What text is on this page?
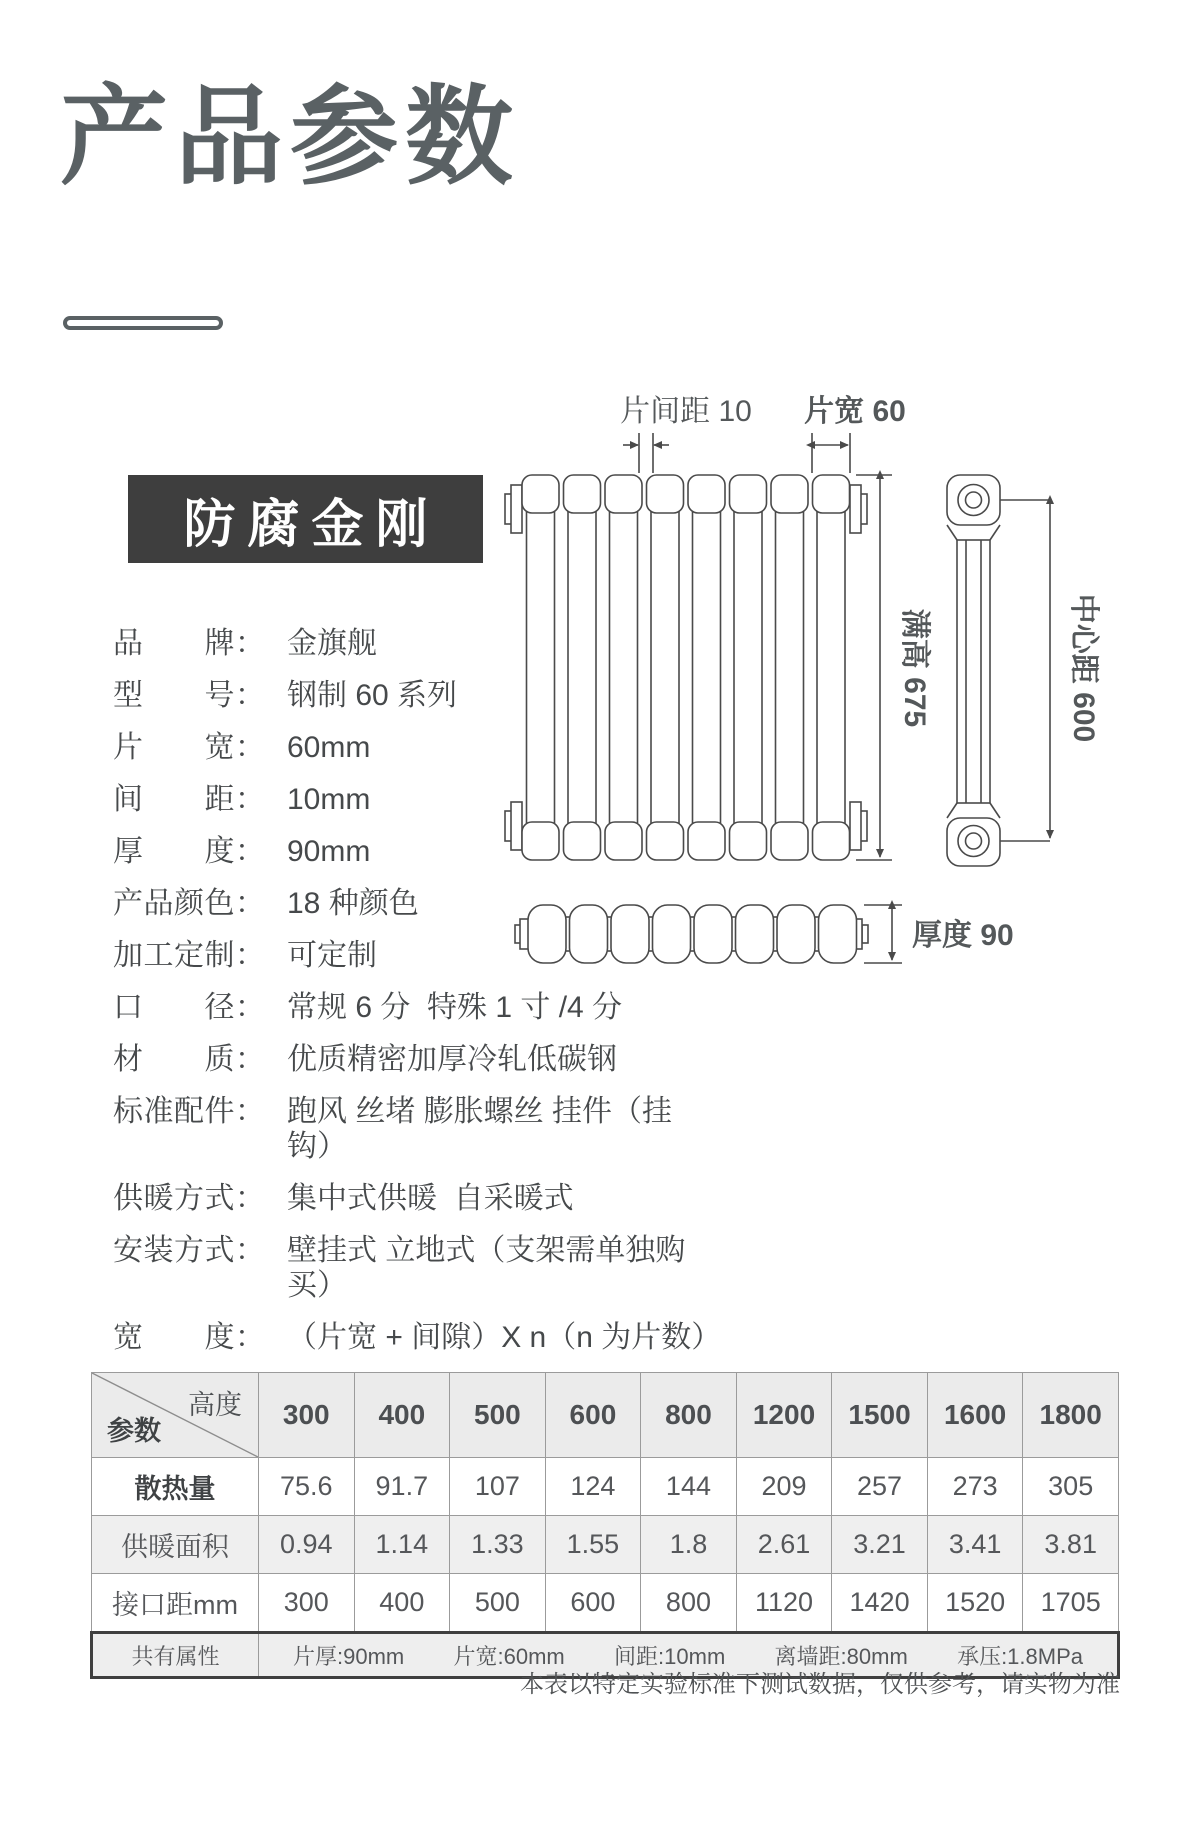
产品参数
防腐金刚
品　　牌： 金旗舰
型　　号： 钢制 60 系列
片　　宽： 60mm
间　　距： 10mm
厚　　度： 90mm
产品颜色： 18 种颜色
加工定制： 可定制
口　　径： 常规 6 分  特殊 1 寸 /4 分
材　　质： 优质精密加厚冷轧低碳钢
标准配件： 跑风 丝堵 膨胀螺丝 挂件（挂钩）
供暖方式： 集中式供暖  自采暖式
安装方式： 壁挂式 立地式（支架需单独购买）
宽　　度： （片宽 + 间隙）X n（n 为片数）
片间距 10 片宽 60
满高 675	中心距 600
厚度 90
高度
参数	300	400	500	600	800	1200	1500	1600	1800
散热量	75.6	91.7	107	124	144	209	257	273	305
供暖面积	0.94	1.14	1.33	1.55	1.8	2.61	3.21	3.41	3.81
接口距mm	300	400	500	600	800	1120	1420	1520	1705
共有属性	片厚:90mm 片宽:60mm 间距:10mm 离墙距:80mm 承压:1.8MPa								
本表以特定实验标准下测试数据，仅供参考，请实物为准
